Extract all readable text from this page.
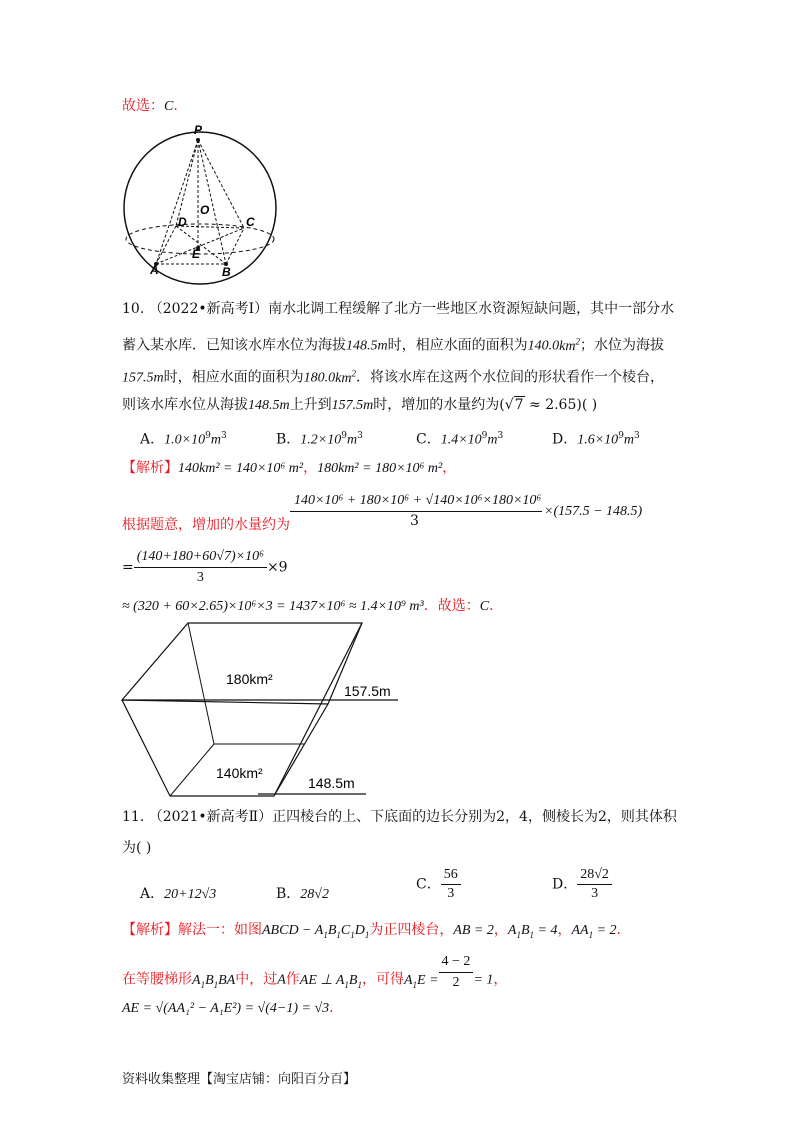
故选：C.
P
O
D	C
E
A	B
10. （2022•新高考Ⅰ）南水北调工程缓解了北方一些地区水资源短缺问题，其中一部分水
蓄入某水库．已知该水库水位为海拔148.5m时，相应水面的面积为$140.0km^2$；水位为海拔
157.5m时，相应水面的面积为$180.0km^2$．将该水库在这两个水位间的形状看作一个棱台，
则该水库水位从海拔148.5m上升到157.5m时，增加的水量约为(√7 ≈ 2.65)( )
A．$1.0\times 10^9m^3$	B．$1.2\times 10^9m^3$	C．$1.4\times 10^9m^3$	D．$1.6\times 10^9m^3$
【解析】140km² = 140×10⁶ m²，180km² = 180×10⁶ m²，
140×10⁶ + 180×10⁶ + √140×10⁶×180×10⁶
3
根据题意，增加的水量约为
×(157.5 − 148.5)
= $\frac{\text{(140+180+60√7)×10⁶}}{3} \times 9$
≈ (320 + 60×2.65)×10⁶×3 = 1437×10⁶ ≈ 1.4×10⁹ m³．故选：C．
180km²
157.5m
140km²
148.5m
11. （2021•新高考Ⅱ）正四棱台的上、下底面的边长分别为2，4，侧棱长为2，则其体积
为( )
A．20+12√3	B．28√2
C． $\frac{56}{3}$	D． $\frac{28√2}{3}$
【解析】解法一：如图ABCD − $A_1B_1C_1D_1$为正四棱台，AB = 2，$A_1B_1 = 4$，$AA_1 = 2$．
在等腰梯形$A_1B_1BA$中，过A作AE ⊥ $A_1B_1$，可得$A_1E = \frac{4 - 2}{2} = 1$，
AE = √(AA₁² − A₁E²) = √(4−1) = √3．
资料收集整理【淘宝店铺：向阳百分百】
